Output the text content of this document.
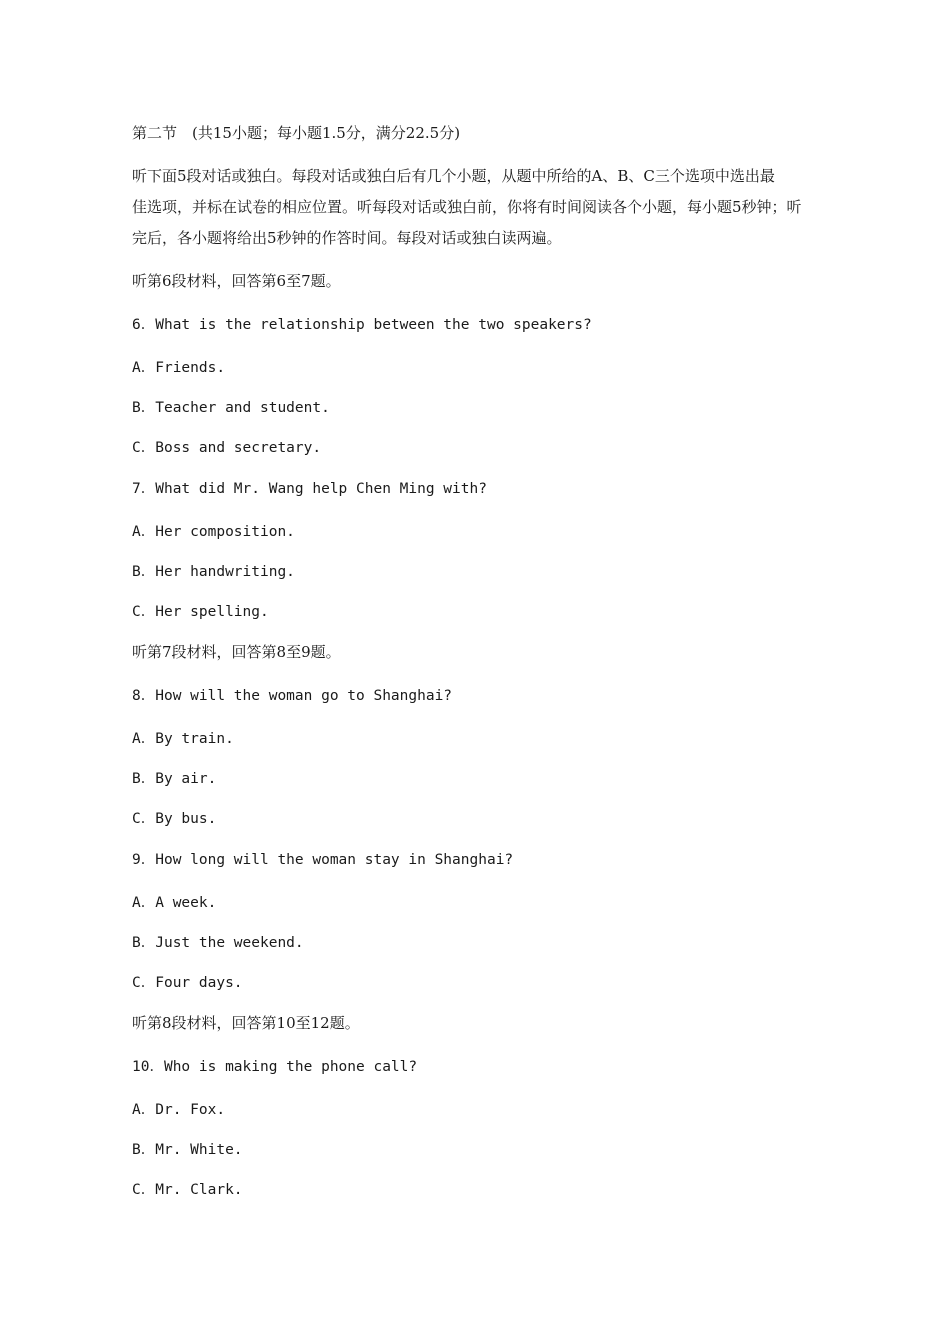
第二节　(共15小题；每小题1.5分，满分22.5分)
听下面5段对话或独白。每段对话或独白后有几个小题，从题中所给的A、B、C三个选项中选出最
佳选项，并标在试卷的相应位置。听每段对话或独白前，你将有时间阅读各个小题，每小题5秒钟；听
完后，各小题将给出5秒钟的作答时间。每段对话或独白读两遍。
听第6段材料，回答第6至7题。
6．What is the relationship between the two speakers?
A．Friends.
B．Teacher and student.
C．Boss and secretary.
7．What did Mr. Wang help Chen Ming with?
A．Her composition.
B．Her handwriting.
C．Her spelling.
听第7段材料，回答第8至9题。
8．How will the woman go to Shanghai?
A．By train.
B．By air.
C．By bus.
9．How long will the woman stay in Shanghai?
A．A week.
B．Just the weekend.
C．Four days.
听第8段材料，回答第10至12题。
10．Who is making the phone call?
A．Dr. Fox.
B．Mr. White.
C．Mr. Clark.
